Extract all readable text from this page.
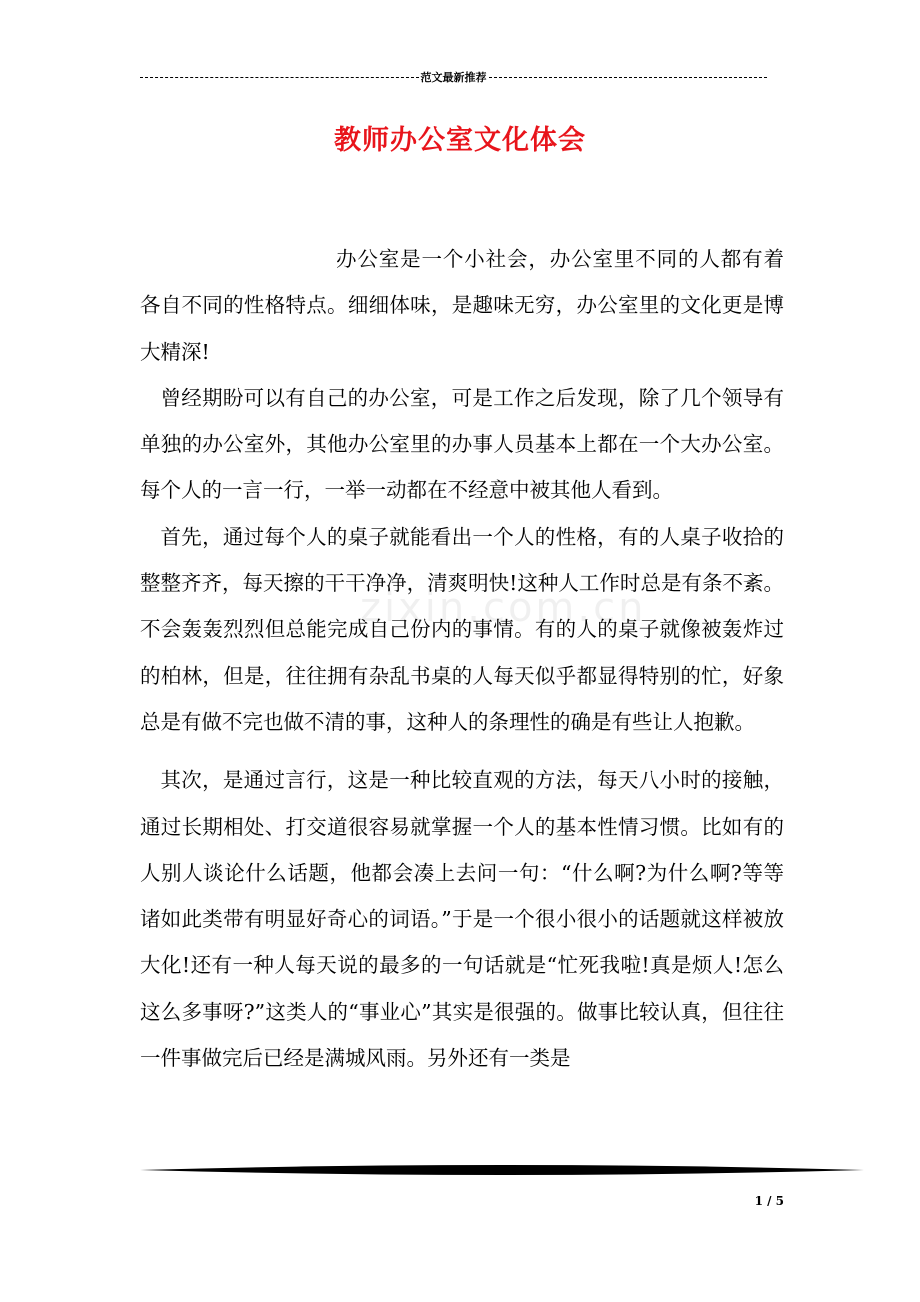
范文最新推荐
教师办公室文化体会

办公室是一个小社会，办公室里不同的人都有着各自不同的性格特点。细细体味，是趣味无穷，办公室里的文化更是博大精深!

曾经期盼可以有自己的办公室，可是工作之后发现，除了几个领导有单独的办公室外，其他办公室里的办事人员基本上都在一个大办公室。每个人的一言一行，一举一动都在不经意中被其他人看到。

首先，通过每个人的桌子就能看出一个人的性格，有的人桌子收拾的整整齐齐，每天擦的干干净净，清爽明快!这种人工作时总是有条不紊。不会轰轰烈烈但总能完成自己份内的事情。有的人的桌子就像被轰炸过的柏林，但是，往往拥有杂乱书桌的人每天似乎都显得特别的忙，好象总是有做不完也做不清的事，这种人的条理性的确是有些让人抱歉。

其次，是通过言行，这是一种比较直观的方法，每天八小时的接触，通过长期相处、打交道很容易就掌握一个人的基本性情习惯。比如有的人别人谈论什么话题，他都会凑上去问一句：“什么啊?为什么啊?等等诸如此类带有明显好奇心的词语。”于是一个很小很小的话题就这样被放大化!还有一种人每天说的最多的一句话就是“忙死我啦!真是烦人!怎么这么多事呀?”这类人的“事业心”其实是很强的。做事比较认真，但往往一件事做完后已经是满城风雨。另外还有一类是

zixin.com.cn
1 / 5
